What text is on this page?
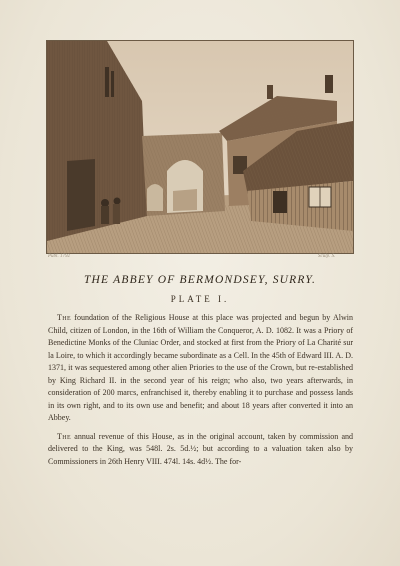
Publ. 1792	Sculp. S.
THE ABBEY OF BERMONDSEY, SURRY.
PLATE I.

The foundation of the Religious House at this place was projected and begun by Alwin Child, citizen of London, in the 16th of William the Conqueror, A. D. 1082. It was a Priory of Benedictine Monks of the Cluniac Order, and stocked at first from the Priory of La Charité sur la Loire, to which it accordingly became subordinate as a Cell. In the 45th of Edward III. A. D. 1371, it was sequestered among other alien Priories to the use of the Crown, but re-established by King Richard II. in the second year of his reign; who also, two years afterwards, in consideration of 200 marcs, enfranchised it, thereby enabling it to purchase and possess lands in its own right, and to its own use and benefit; and about 18 years after converted it into an Abbey.

The annual revenue of this House, as in the original account, taken by commission and delivered to the King, was 548l. 2s. 5d.½; but according to a valuation taken also by Commissioners in 26th Henry VIII. 474l. 14s. 4d½. The for-
